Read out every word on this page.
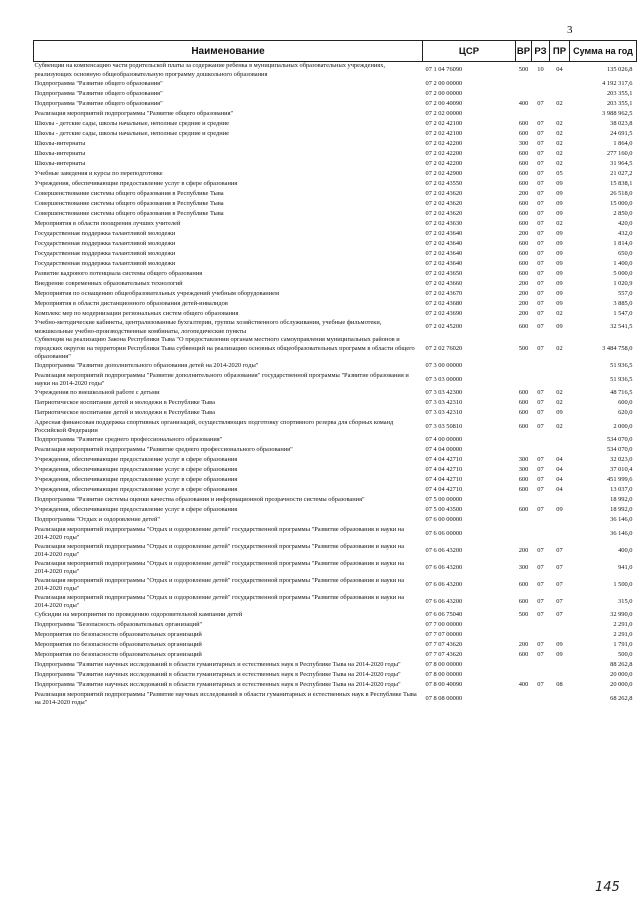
3
Наименование	ЦСР	ВР	РЗ	ПР	Сумма на год
Субвенции на компенсацию части родительской платы за содержание ребенка в муниципальных образовательных учреждениях, реализующих основную общеобразовательную программу дошкольного образования	07 1 04 76090	500	10	04	135 026,8
Подпрограмма "Развитие общего образования"	07 2 00 00000				4 192 317,6
Подпрограмма "Развитие общего образования"	07 2 00 00000				203 355,1
Подпрограмма "Развитие общего образования"	07 2 00 40090	400	07	02	203 355,1
Реализация мероприятий подпрограммы "Развитие общего образования"	07 2 02 00000				3 988 962,5
Школы - детские сады, школы начальные, неполные средние и средние	07 2 02 42100	600	07	02	38 023,8
Школы - детские сады, школы начальные, неполные средние и средние	07 2 02 42100	600	07	02	24 691,5
Школы-интернаты	07 2 02 42200	300	07	02	1 864,0
Школы-интернаты	07 2 02 42200	600	07	02	277 160,0
Школы-интернаты	07 2 02 42200	600	07	02	31 964,5
Учебные заведения и курсы по переподготовке	07 2 02 42900	600	07	05	21 027,2
Учреждения, обеспечивающие предоставление услуг в сфере образования	07 2 02 43550	600	07	09	15 838,1
Совершенствование системы общего образования в Республике Тыва	07 2 02 43620	200	07	09	26 518,0
Совершенствование системы общего образования в Республике Тыва	07 2 02 43620	600	07	09	15 000,0
Совершенствование системы общего образования в Республике Тыва	07 2 02 43620	600	07	09	2 850,0
Мероприятия в области поощрения лучших учителей	07 2 02 43630	600	07	02	420,0
Государственная поддержка талантливой молодежи	07 2 02 43640	200	07	09	432,0
Государственная поддержка талантливой молодежи	07 2 02 43640	600	07	09	1 814,0
Государственная поддержка талантливой молодежи	07 2 02 43640	600	07	09	650,0
Государственная поддержка талантливой молодежи	07 2 02 43640	600	07	09	1 400,0
Развитие кадрового потенциала системы общего образования	07 2 02 43650	600	07	09	5 000,0
Внедрение современных образовательных технологий	07 2 02 43660	200	07	09	1 020,9
Мероприятия по оснащению общеобразовательных учреждений учебным оборудованием	07 2 02 43670	200	07	09	557,0
Мероприятия в области дистанционного образования детей-инвалидов	07 2 02 43680	200	07	09	3 885,0
Комплекс мер по модернизации региональных систем общего образования	07 2 02 43690	200	07	02	1 547,0
Учебно-методические кабинеты, централизованные бухгалтерии, группы хозяйственного обслуживания, учебные фильмотеки, межшкольные учебно-производственные комбинаты, логопедические пункты	07 2 02 45200	600	07	09	32 541,5
Субвенция на реализацию Закона Республики Тыва "О предоставлении органам местного самоуправления муниципальных районов и городских округов на территории Республики Тыва субвенций на реализацию основных общеобразовательных программ в области общего образования"	07 2 02 76020	500	07	02	3 484 758,0
Подпрограмма "Развитие дополнительного образования детей на 2014-2020 годы"	07 3 00 00000				51 936,5
Реализация мероприятий подпрограммы "Развитие дополнительного образования" государственной программы "Развитие образования и науки на 2014-2020 годы"	07 3 03 00000				51 936,5
Учреждения по внешкольной работе с детьми	07 3 03 42300	600	07	02	48 716,5
Патриотическое воспитание детей и молодежи в Республике Тыва	07 3 03 42310	600	07	02	600,0
Патриотическое воспитание детей и молодежи в Республике Тыва	07 3 03 42310	600	07	09	620,0
Адресная финансовая поддержка спортивных организаций, осуществляющих подготовку спортивного резерва для сборных команд Российской Федерации	07 3 03 50810	600	07	02	2 000,0
Подпрограмма "Развитие среднего профессионального образования"	07 4 00 00000				534 070,0
Реализация мероприятий подпрограммы "Развитие среднего профессионального образования"	07 4 04 00000				534 070,0
Учреждения, обеспечивающие предоставление услуг в сфере образования	07 4 04 42710	300	07	04	32 023,0
Учреждения, обеспечивающие предоставление услуг в сфере образования	07 4 04 42710	300	07	04	37 010,4
Учреждения, обеспечивающие предоставление услуг в сфере образования	07 4 04 42710	600	07	04	451 999,6
Учреждения, обеспечивающие предоставление услуг в сфере образования	07 4 04 42710	600	07	04	13 037,0
Подпрограмма "Развитие системы оценки качества образования и информационной прозрачности системы образования"	07 5 00 00000				18 992,0
Учреждения, обеспечивающие предоставление услуг в сфере образования	07 5 00 43500	600	07	09	18 992,0
Подпрограмма "Отдых и оздоровление детей"	07 6 00 00000				36 146,0
Реализация мероприятий подпрограммы "Отдых и оздоровление детей" государственной программы "Развитие образования и науки на 2014-2020 годы"	07 6 06 00000				36 146,0
Реализация мероприятий подпрограммы "Отдых и оздоровление детей" государственной программы "Развитие образования и науки на 2014-2020 годы"	07 6 06 43200	200	07	07	400,0
Реализация мероприятий подпрограммы "Отдых и оздоровление детей" государственной программы "Развитие образования и науки на 2014-2020 годы"	07 6 06 43200	300	07	07	941,0
Реализация мероприятий подпрограммы "Отдых и оздоровление детей" государственной программы "Развитие образования и науки на 2014-2020 годы"	07 6 06 43200	600	07	07	1 500,0
Реализация мероприятий подпрограммы "Отдых и оздоровление детей" государственной программы "Развитие образования и науки на 2014-2020 годы"	07 6 06 43200	600	07	07	315,0
Субсидии на мероприятия по проведению оздоровительной кампании детей	07 6 06 75040	500	07	07	32 990,0
Подпрограмма "Безопасность образовательных организаций"	07 7 00 00000				2 291,0
Мероприятия по безопасности образовательных организаций	07 7 07 00000				2 291,0
Мероприятия по безопасности образовательных организаций	07 7 07 43620	200	07	09	1 791,0
Мероприятия по безопасности образовательных организаций	07 7 07 43620	600	07	09	500,0
Подпрограмма "Развитие научных исследований в области гуманитарных и естественных наук в Республике Тыва на 2014-2020 годы"	07 8 00 00000				88 262,8
Подпрограмма "Развитие научных исследований в области гуманитарных и естественных наук в Республике Тыва на 2014-2020 годы"	07 8 00 00000				20 000,0
Подпрограмма "Развитие научных исследований в области гуманитарных и естественных наук в Республике Тыва на 2014-2020 годы"	07 8 00 40090	400	07	08	20 000,0
Реализация мероприятий подпрограммы "Развитие научных исследований в области гуманитарных и естественных наук в Республике Тыва на 2014-2020 годы"	07 8 08 00000				68 262,8
145
